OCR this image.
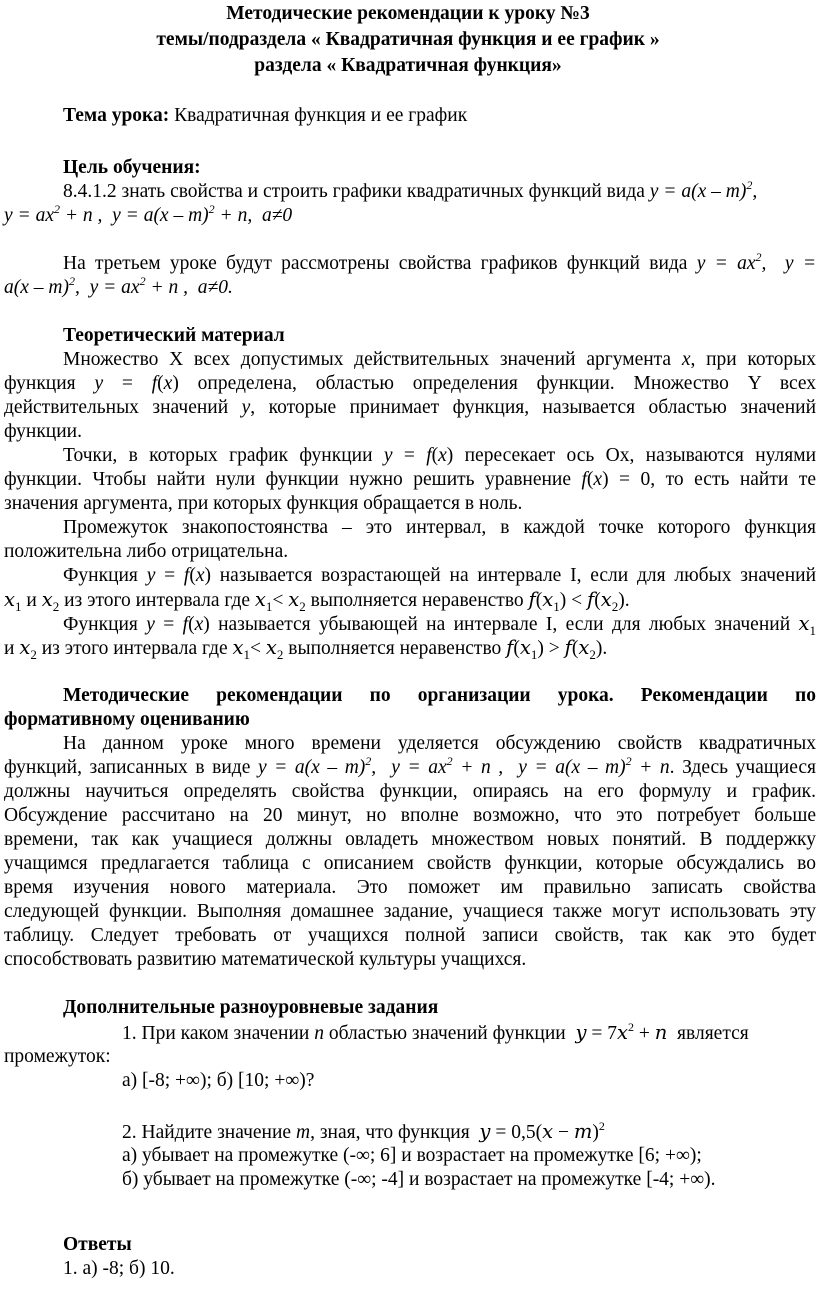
Методические рекомендации к уроку №3
темы/подраздела « Квадратичная функция и ее график »
раздела « Квадратичная функция»
Тема урока: Квадратичная функция и ее график
Цель обучения:
8.4.1.2 знать свойства и строить графики квадратичных функций вида y = a(x – m)$^2$,
$y = ax^2 + n$ ,  y = a(x – m)$^2$ + n,  a≠0
На третьем уроке будут рассмотрены свойства графиков функций вида $y = ax^2$,  y =
a(x – m)$^2$,  $y = ax^2 + n$ ,  a≠0.
Теоретический материал
Множество X всех допустимых действительных значений аргумента x, при которых
функция y = f(x) определена, областью определения функции. Множество Y всех
действительных значений y, которые принимает функция, называется областью значений
функции.
Точки, в которых график функции y = f(x) пересекает ось Ох, называются нулями
функции. Чтобы найти нули функции нужно решить уравнение f(x) = 0, то есть найти те
значения аргумента, при которых функция обращается в ноль.
Промежуток знакопостоянства – это интервал, в каждой точке которого функция
положительна либо отрицательна.
Функция y = f(x) называется возрастающей на интервале I, если для любых значений
$x_1$ и $x_2$ из этого интервала где $x_1< x_2$ выполняется неравенство $f(x_1) < f(x_2)$.
Функция y = f(x) называется убывающей на интервале I, если для любых значений $x_1$
и $x_2$ из этого интервала где $x_1< x_2$ выполняется неравенство $f(x_1) > f(x_2)$.
Методические рекомендации по организации урока. Рекомендации по
формативному оцениванию
На данном уроке много времени уделяется обсуждению свойств квадратичных
функций, записанных в виде y = a(x – m)$^2$,  $y = ax^2 + n$ ,  y = a(x – m)$^2$ + n. Здесь учащиеся
должны научиться определять свойства функции, опираясь на его формулу и график.
Обсуждение рассчитано на 20 минут, но вполне возможно, что это потребует больше
времени, так как учащиеся должны овладеть множеством новых понятий. В поддержку
учащимся предлагается таблица с описанием свойств функции, которые обсуждались во
время изучения нового материала. Это поможет им правильно записать свойства
следующей функции. Выполняя домашнее задание, учащиеся также могут использовать эту
таблицу. Следует требовать от учащихся полной записи свойств, так как это будет
способствовать развитию математической культуры учащихся.
Дополнительные разноуровневые задания
1. При каком значении n областью значений функции $y = 7x^2 + n$ является
промежуток:
а) [-8; +∞); б) [10; +∞)?
2. Найдите значение m, зная, что функция $y = 0,5(x - m)^2$
а) убывает на промежутке (-∞; 6] и возрастает на промежутке [6; +∞);
б) убывает на промежутке (-∞; -4] и возрастает на промежутке [-4; +∞).
Ответы
1. а) -8; б) 10.
